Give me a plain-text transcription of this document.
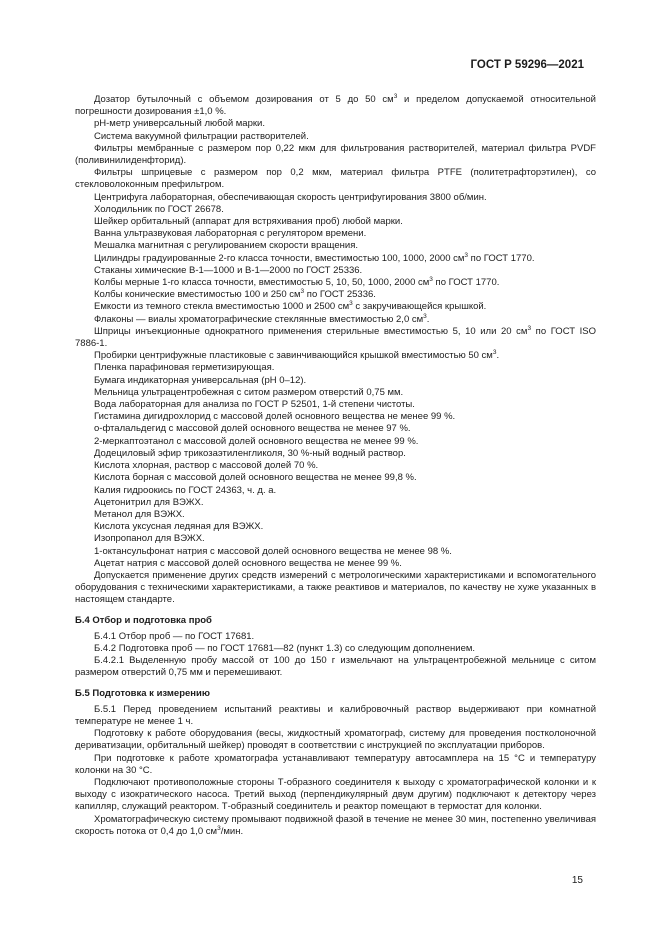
ГОСТ Р 59296—2021

Дозатор бутылочный с объемом дозирования от 5 до 50 $см^3$ и пределом допускаемой относительной погрешности дозирования ±1,0 %.

pH-метр универсальный любой марки.

Система вакуумной фильтрации растворителей.

Фильтры мембранные с размером пор 0,22 мкм для фильтрования растворителей, материал фильтра PVDF (поливинилиденфторид).

Фильтры шприцевые с размером пор 0,2 мкм, материал фильтра PTFE (политетрафторэтилен), со стекловолоконным префильтром.

Центрифуга лабораторная, обеспечивающая скорость центрифугирования 3800 об/мин.

Холодильник по ГОСТ 26678.

Шейкер орбитальный (аппарат для встряхивания проб) любой марки.

Ванна ультразвуковая лабораторная с регулятором времени.

Мешалка магнитная с регулированием скорости вращения.

Цилиндры градуированные 2-го класса точности, вместимостью 100, 1000, 2000 $см^3$ по ГОСТ 1770.

Стаканы химические В-1—1000 и В-1—2000 по ГОСТ 25336.

Колбы мерные 1-го класса точности, вместимостью 5, 10, 50, 1000, 2000 $см^3$ по ГОСТ 1770.

Колбы конические вместимостью 100 и 250 $см^3$ по ГОСТ 25336.

Емкости из темного стекла вместимостью 1000 и 2500 $см^3$ с закручивающейся крышкой.

Флаконы — виалы хроматографические стеклянные вместимостью 2,0 $см^3$.

Шприцы инъекционные однократного применения стерильные вместимостью 5, 10 или 20 $см^3$ по ГОСТ ISO 7886-1.

Пробирки центрифужные пластиковые с завинчивающийся крышкой вместимостью 50 $см^3$.

Пленка парафиновая герметизирующая.

Бумага индикаторная универсальная (pH 0–12).

Мельница ультрацентробежная с ситом размером отверстий 0,75 мм.

Вода лабораторная для анализа по ГОСТ Р 52501, 1-й степени чистоты.

Гистамина дигидрохлорид с массовой долей основного вещества не менее 99 %.

о-фталальдегид с массовой долей основного вещества не менее 97 %.

2-меркаптоэтанол с массовой долей основного вещества не менее 99 %.

Додециловый эфир трикозаэтиленгликоля, 30 %-ный водный раствор.

Кислота хлорная, раствор с массовой долей 70 %.

Кислота борная с массовой долей основного вещества не менее 99,8 %.

Калия гидроокись по ГОСТ 24363, ч. д. а.

Ацетонитрил для ВЭЖХ.

Метанол для ВЭЖХ.

Кислота уксусная ледяная для ВЭЖХ.

Изопропанол для ВЭЖХ.

1-октансульфонат натрия с массовой долей основного вещества не менее 98 %.

Ацетат натрия с массовой долей основного вещества не менее 99 %.

Допускается применение других средств измерений с метрологическими характеристиками и вспомогательного оборудования с техническими характеристиками, а также реактивов и материалов, по качеству не хуже указанных в настоящем стандарте.

Б.4 Отбор и подготовка проб

Б.4.1 Отбор проб — по ГОСТ 17681.

Б.4.2 Подготовка проб — по ГОСТ 17681—82 (пункт 1.3) со следующим дополнением.

Б.4.2.1 Выделенную пробу массой от 100 до 150 г измельчают на ультрацентробежной мельнице с ситом размером отверстий 0,75 мм и перемешивают.

Б.5 Подготовка к измерению

Б.5.1 Перед проведением испытаний реактивы и калибровочный раствор выдерживают при комнатной температуре не менее 1 ч.

Подготовку к работе оборудования (весы, жидкостный хроматограф, систему для проведения постколоночной дериватизации, орбитальный шейкер) проводят в соответствии с инструкцией по эксплуатации приборов.

При подготовке к работе хроматографа устанавливают температуру автосамплера на 15 °С и температуру колонки на 30 °С.

Подключают противоположные стороны Т-образного соединителя к выходу с хроматографической колонки и к выходу с изократического насоса. Третий выход (перпендикулярный двум другим) подключают к детектору через капилляр, служащий реактором. Т-образный соединитель и реактор помещают в термостат для колонки.

Хроматографическую систему промывают подвижной фазой в течение не менее 30 мин, постепенно увеличивая скорость потока от 0,4 до 1,0 $см^3$/мин.

15
